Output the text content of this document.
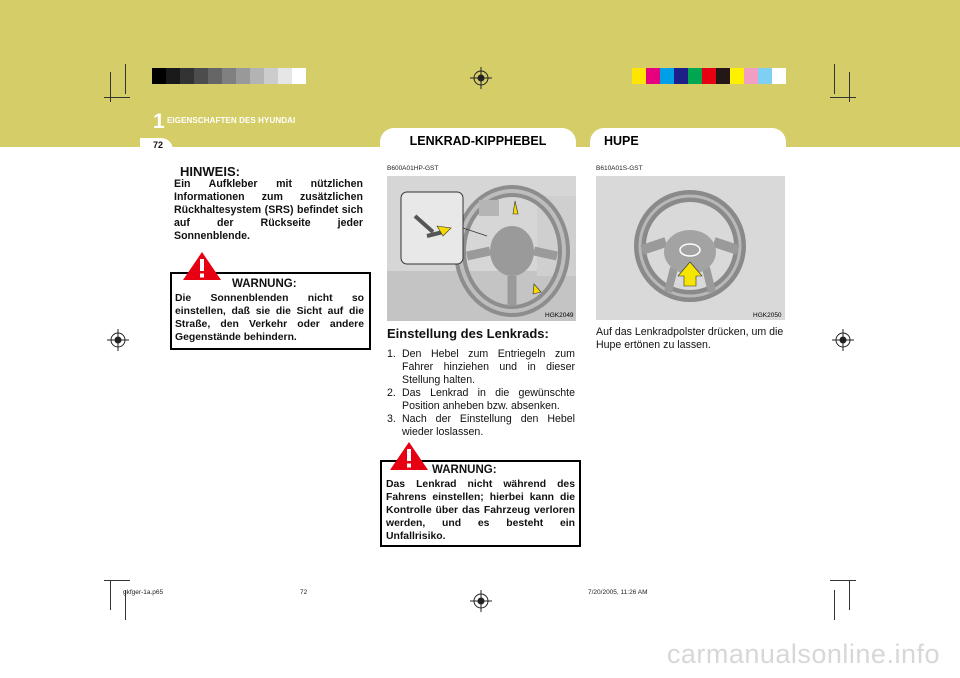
1 EIGENSCHAFTEN DES HYUNDAI
72	LENKRAD-KIPPHEBEL	HUPE
HINWEIS:
Ein Aufkleber mit nützlichen Informationen zum zusätzlichen Rückhaltesystem (SRS) befindet sich auf der Rückseite jeder Sonnenblende.
WARNUNG:
Die Sonnenblenden nicht so einstellen, daß sie die Sicht auf die Straße, den Verkehr oder andere Gegenstände behindern.
B600A01HP-GST
HGK2049
Einstellung des Lenkrads:
1. Den Hebel zum Entriegeln zum Fahrer hinziehen und in dieser Stellung halten.
2. Das Lenkrad in die gewünschte Position anheben bzw. absenken.
3. Nach der Einstellung den Hebel wieder loslassen.
WARNUNG:
Das Lenkrad nicht während des Fahrens einstellen; hierbei kann die Kontrolle über das Fahrzeug verloren werden, und es besteht ein Unfallrisiko.
B610A01S-GST
HGK2050
Auf das Lenkradpolster drücken, um die Hupe ertönen zu lassen.
gkfger-1a.p65	72	7/20/2005, 11:26 AM
carmanualsonline.info
